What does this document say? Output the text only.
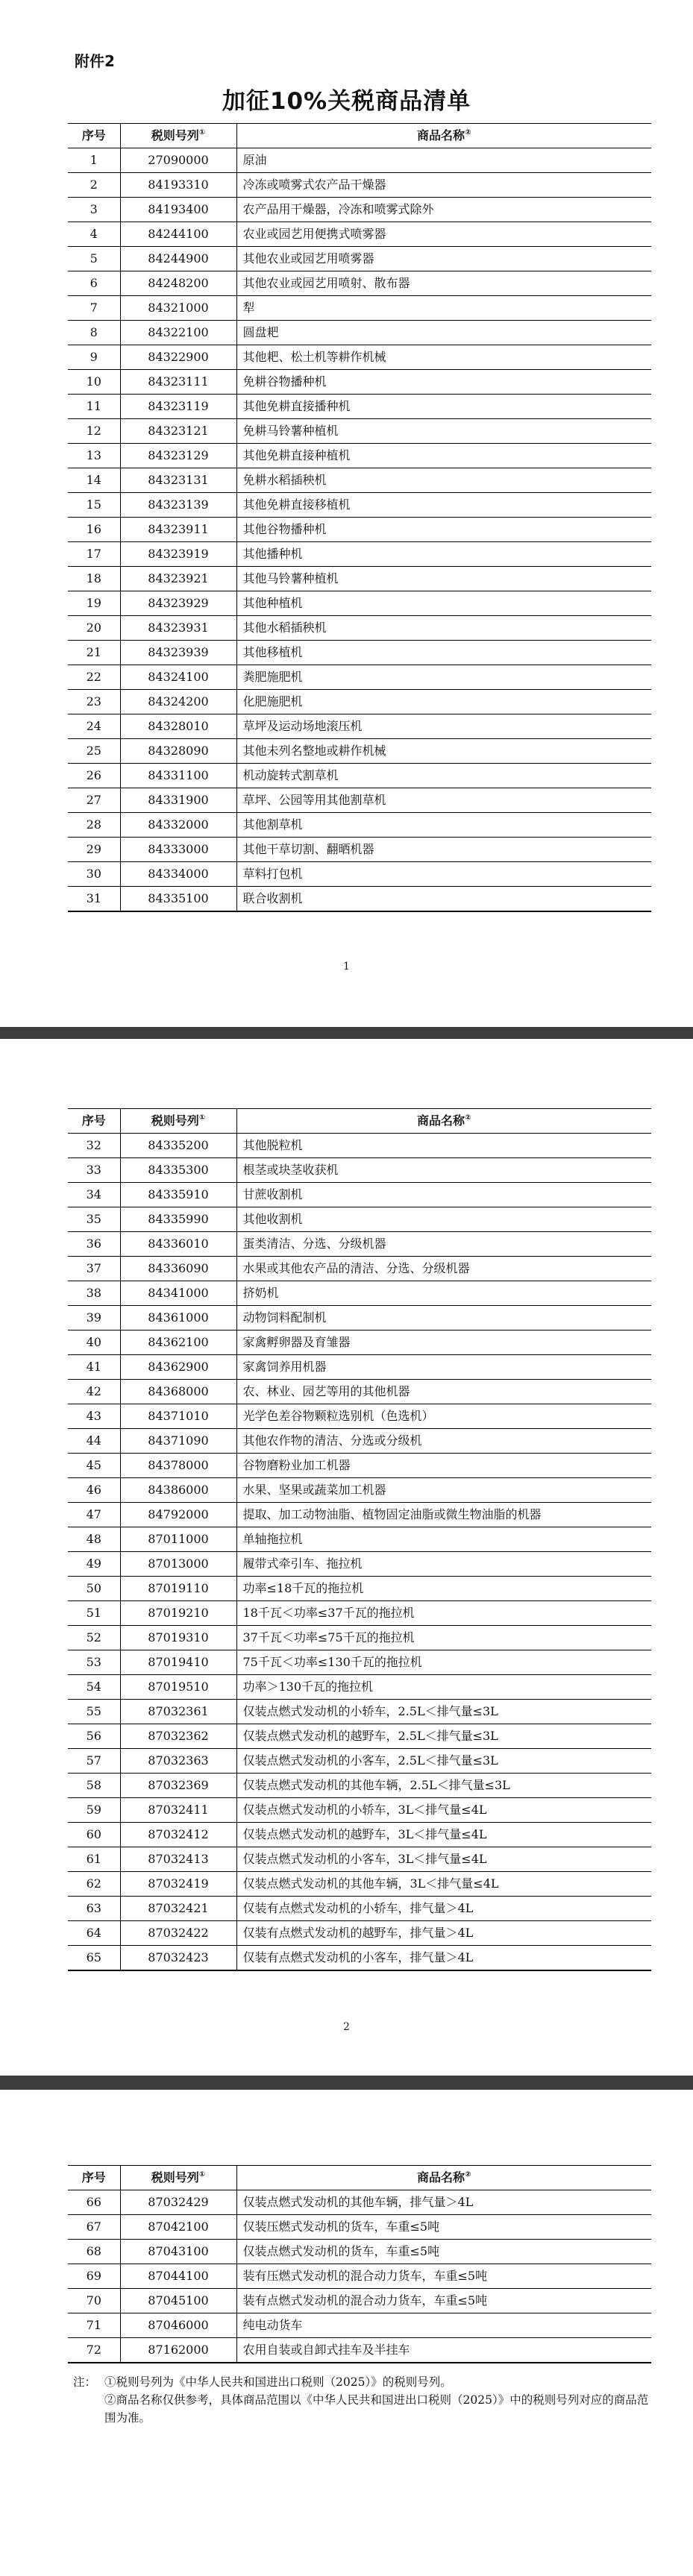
附件2
加征10%关税商品清单
序号	税则号列①	商品名称②
1	27090000	原油
2	84193310	冷冻或喷雾式农产品干燥器
3	84193400	农产品用干燥器，冷冻和喷雾式除外
4	84244100	农业或园艺用便携式喷雾器
5	84244900	其他农业或园艺用喷雾器
6	84248200	其他农业或园艺用喷射、散布器
7	84321000	犁
8	84322100	圆盘耙
9	84322900	其他耙、松土机等耕作机械
10	84323111	免耕谷物播种机
11	84323119	其他免耕直接播种机
12	84323121	免耕马铃薯种植机
13	84323129	其他免耕直接种植机
14	84323131	免耕水稻插秧机
15	84323139	其他免耕直接移植机
16	84323911	其他谷物播种机
17	84323919	其他播种机
18	84323921	其他马铃薯种植机
19	84323929	其他种植机
20	84323931	其他水稻插秧机
21	84323939	其他移植机
22	84324100	粪肥施肥机
23	84324200	化肥施肥机
24	84328010	草坪及运动场地滚压机
25	84328090	其他未列名整地或耕作机械
26	84331100	机动旋转式割草机
27	84331900	草坪、公园等用其他割草机
28	84332000	其他割草机
29	84333000	其他干草切割、翻晒机器
30	84334000	草料打包机
31	84335100	联合收割机
1
序号	税则号列①	商品名称②
32	84335200	其他脱粒机
33	84335300	根茎或块茎收获机
34	84335910	甘蔗收割机
35	84335990	其他收割机
36	84336010	蛋类清洁、分选、分级机器
37	84336090	水果或其他农产品的清洁、分选、分级机器
38	84341000	挤奶机
39	84361000	动物饲料配制机
40	84362100	家禽孵卵器及育雏器
41	84362900	家禽饲养用机器
42	84368000	农、林业、园艺等用的其他机器
43	84371010	光学色差谷物颗粒选别机（色选机）
44	84371090	其他农作物的清洁、分选或分级机
45	84378000	谷物磨粉业加工机器
46	84386000	水果、坚果或蔬菜加工机器
47	84792000	提取、加工动物油脂、植物固定油脂或微生物油脂的机器
48	87011000	单轴拖拉机
49	87013000	履带式牵引车、拖拉机
50	87019110	功率≤18千瓦的拖拉机
51	87019210	18千瓦＜功率≤37千瓦的拖拉机
52	87019310	37千瓦＜功率≤75千瓦的拖拉机
53	87019410	75千瓦＜功率≤130千瓦的拖拉机
54	87019510	功率＞130千瓦的拖拉机
55	87032361	仅装点燃式发动机的小轿车，2.5L＜排气量≤3L
56	87032362	仅装点燃式发动机的越野车，2.5L＜排气量≤3L
57	87032363	仅装点燃式发动机的小客车，2.5L＜排气量≤3L
58	87032369	仅装点燃式发动机的其他车辆，2.5L＜排气量≤3L
59	87032411	仅装点燃式发动机的小轿车，3L＜排气量≤4L
60	87032412	仅装点燃式发动机的越野车，3L＜排气量≤4L
61	87032413	仅装点燃式发动机的小客车，3L＜排气量≤4L
62	87032419	仅装点燃式发动机的其他车辆，3L＜排气量≤4L
63	87032421	仅装有点燃式发动机的小轿车，排气量＞4L
64	87032422	仅装有点燃式发动机的越野车，排气量＞4L
65	87032423	仅装有点燃式发动机的小客车，排气量＞4L
2
序号	税则号列①	商品名称②
66	87032429	仅装点燃式发动机的其他车辆，排气量＞4L
67	87042100	仅装压燃式发动机的货车，车重≤5吨
68	87043100	仅装点燃式发动机的货车，车重≤5吨
69	87044100	装有压燃式发动机的混合动力货车，车重≤5吨
70	87045100	装有点燃式发动机的混合动力货车，车重≤5吨
71	87046000	纯电动货车
72	87162000	农用自装或自卸式挂车及半挂车
注： ①税则号列为《中华人民共和国进出口税则（2025）》的税则号列。
②商品名称仅供参考，具体商品范围以《中华人民共和国进出口税则（2025）》中的税则号列对应的商品范围为准。
